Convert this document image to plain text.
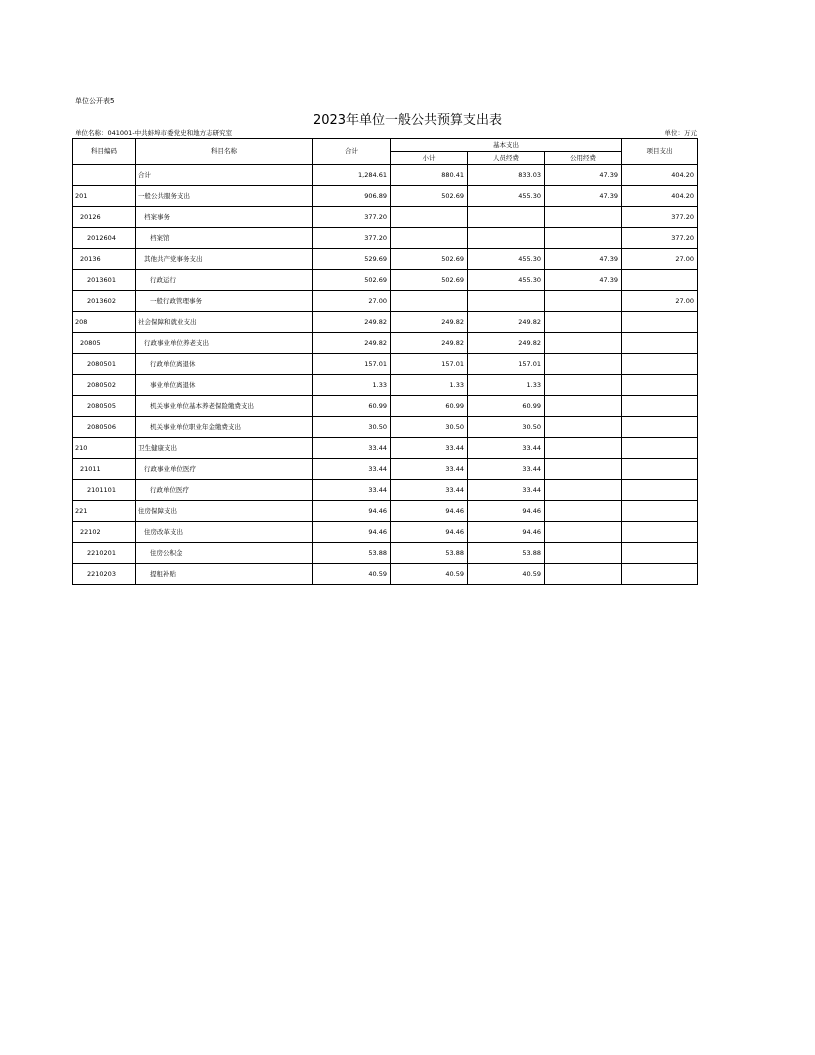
单位公开表5
2023年单位一般公共预算支出表
单位名称：041001-中共蚌埠市委党史和地方志研究室	单位：万元
科目编码	科目名称	合计	基本支出			项目支出
			小计	人员经费	公用经费	
	合计	1,284.61	880.41	833.03	47.39	404.20
201	一般公共服务支出	906.89	502.69	455.30	47.39	404.20
20126	档案事务	377.20				377.20
2012604	档案馆	377.20				377.20
20136	其他共产党事务支出	529.69	502.69	455.30	47.39	27.00
2013601	行政运行	502.69	502.69	455.30	47.39	
2013602	一般行政管理事务	27.00				27.00
208	社会保障和就业支出	249.82	249.82	249.82		
20805	行政事业单位养老支出	249.82	249.82	249.82		
2080501	行政单位离退休	157.01	157.01	157.01		
2080502	事业单位离退休	1.33	1.33	1.33		
2080505	机关事业单位基本养老保险缴费支出	60.99	60.99	60.99		
2080506	机关事业单位职业年金缴费支出	30.50	30.50	30.50		
210	卫生健康支出	33.44	33.44	33.44		
21011	行政事业单位医疗	33.44	33.44	33.44		
2101101	行政单位医疗	33.44	33.44	33.44		
221	住房保障支出	94.46	94.46	94.46		
22102	住房改革支出	94.46	94.46	94.46		
2210201	住房公积金	53.88	53.88	53.88		
2210203	提租补贴	40.59	40.59	40.59		
